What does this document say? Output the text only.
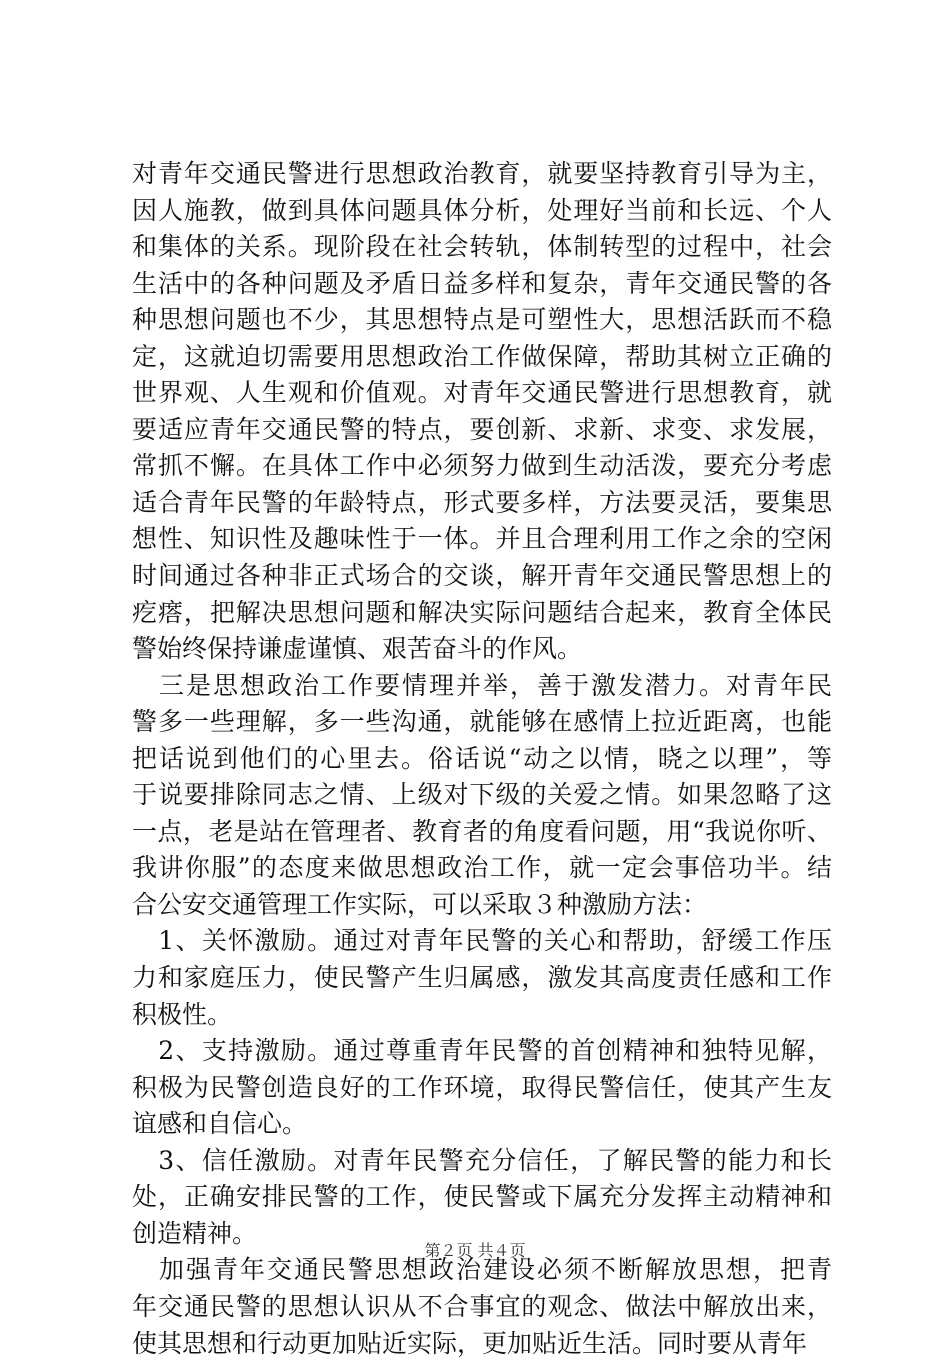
对青年交通民警进行思想政治教育，就要坚持教育引导为主，
因人施教，做到具体问题具体分析，处理好当前和长远、个人
和集体的关系。现阶段在社会转轨，体制转型的过程中，社会
生活中的各种问题及矛盾日益多样和复杂，青年交通民警的各
种思想问题也不少，其思想特点是可塑性大，思想活跃而不稳
定，这就迫切需要用思想政治工作做保障，帮助其树立正确的
世界观、人生观和价值观。对青年交通民警进行思想教育，就
要适应青年交通民警的特点，要创新、求新、求变、求发展，
常抓不懈。在具体工作中必须努力做到生动活泼，要充分考虑
适合青年民警的年龄特点，形式要多样，方法要灵活，要集思
想性、知识性及趣味性于一体。并且合理利用工作之余的空闲
时间通过各种非正式场合的交谈，解开青年交通民警思想上的
疙瘩，把解决思想问题和解决实际问题结合起来，教育全体民
警始终保持谦虚谨慎、艰苦奋斗的作风。
　三是思想政治工作要情理并举，善于激发潜力。对青年民
警多一些理解，多一些沟通，就能够在感情上拉近距离，也能
把话说到他们的心里去。俗话说“动之以情，晓之以理”，等
于说要排除同志之情、上级对下级的关爱之情。如果忽略了这
一点，老是站在管理者、教育者的角度看问题，用“我说你听、
我讲你服”的态度来做思想政治工作，就一定会事倍功半。结
合公安交通管理工作实际，可以采取３种激励方法：
　1、关怀激励。通过对青年民警的关心和帮助，舒缓工作压
力和家庭压力，使民警产生归属感，激发其高度责任感和工作
积极性。
　2、支持激励。通过尊重青年民警的首创精神和独特见解，
积极为民警创造良好的工作环境，取得民警信任，使其产生友
谊感和自信心。
　3、信任激励。对青年民警充分信任，了解民警的能力和长
处，正确安排民警的工作，使民警或下属充分发挥主动精神和
创造精神。
　加强青年交通民警思想政治建设必须不断解放思想，把青
年交通民警的思想认识从不合事宜的观念、做法中解放出来，
使其思想和行动更加贴近实际，更加贴近生活。同时要从青年
第２页 共４页
